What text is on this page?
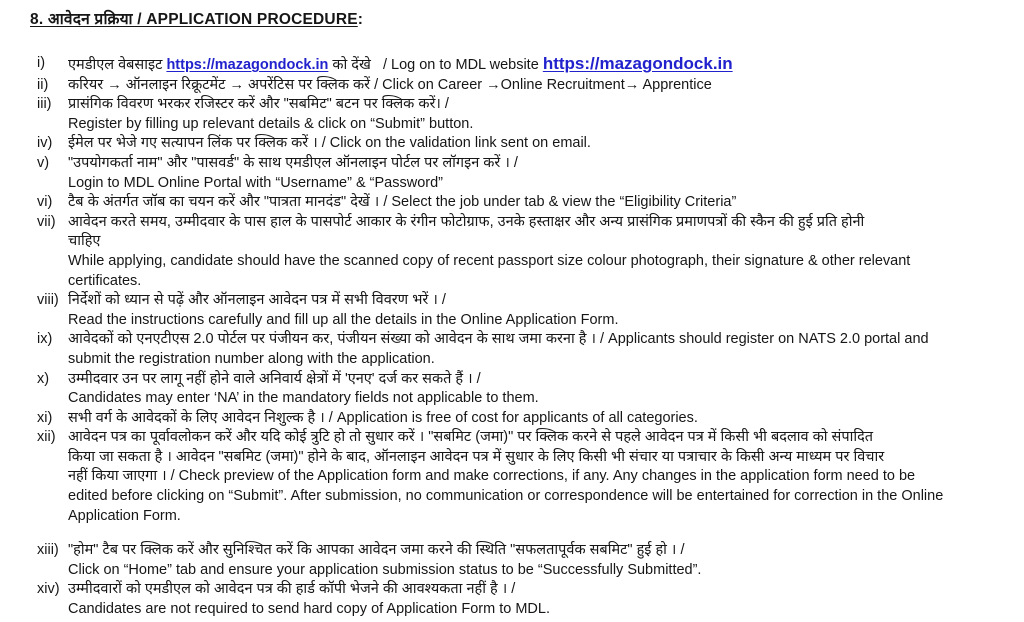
8. आवेदन प्रक्रिया / APPLICATION PROCEDURE:
i)	एमडीएल वेबसाइट https://mazagondock.in को देंखे   / Log on to MDL website https://mazagondock.in
ii)	करियर → ऑनलाइन रिक्रूटमेंट → अपरेंटिस पर क्लिक करें / Click on Career →Online Recruitment→ Apprentice
iii)	प्रासंगिक विवरण भरकर रजिस्टर करें और "सबमिट" बटन पर क्लिक करें। /
Register by filling up relevant details & click on “Submit” button.
iv)	ईमेल पर भेजे गए सत्यापन लिंक पर क्लिक करें । / Click on the validation link sent on email.
v)	"उपयोगकर्ता नाम" और "पासवर्ड" के साथ एमडीएल ऑनलाइन पोर्टल पर लॉगइन करें । /
Login to MDL Online Portal with “Username” & “Password”
vi)	टैब के अंतर्गत जॉब का चयन करें और "पात्रता मानदंड" देखें । / Select the job under tab & view the “Eligibility Criteria”
vii) आवेदन करते समय, उम्मीदवार के पास हाल के पासपोर्ट आकार के रंगीन फोटोग्राफ, उनके हस्ताक्षर और अन्य प्रासंगिक प्रमाणपत्रों की स्कैन की हुई प्रति होनी
चाहिए
While applying, candidate should have the scanned copy of recent passport size colour photograph, their signature & other relevant
certificates.
viii) निर्देशों को ध्यान से पढ़ें और ऑनलाइन आवेदन पत्र में सभी विवरण भरें । /
Read the instructions carefully and fill up all the details in the Online Application Form.
ix)	आवेदकों को एनएटीएस 2.0 पोर्टल पर पंजीयन कर, पंजीयन संख्या को आवेदन के साथ जमा करना है । / Applicants should register on NATS 2.0 portal and
submit the registration number along with the application.
x)	उम्मीदवार उन पर लागू नहीं होने वाले अनिवार्य क्षेत्रों में 'एनए' दर्ज कर सकते हैं । /
Candidates may enter ‘NA’ in the mandatory fields not applicable to them.
xi)	सभी वर्ग के आवेदकों के लिए आवेदन निशुल्क है । / Application is free of cost for applicants of all categories.
xii) आवेदन पत्र का पूर्वावलोकन करें और यदि कोई त्रुटि हो तो सुधार करें । "सबमिट (जमा)" पर क्लिक करने से पहले आवेदन पत्र में किसी भी बदलाव को संपादित
किया जा सकता है । आवेदन "सबमिट (जमा)" होने के बाद, ऑनलाइन आवेदन पत्र में सुधार के लिए किसी भी संचार या पत्राचार के किसी अन्य माध्यम पर विचार
नहीं किया जाएगा । / Check preview of the Application form and make corrections, if any. Any changes in the application form need to be
edited before clicking on “Submit”. After submission, no communication or correspondence will be entertained for correction in the Online
Application Form.
xiii) "होम" टैब पर क्लिक करें और सुनिश्चित करें कि आपका आवेदन जमा करने की स्थिति "सफलतापूर्वक सबमिट" हुई हो । /
Click on “Home” tab and ensure your application submission status to be “Successfully Submitted”.
xiv) उम्मीदवारों को एमडीएल को आवेदन पत्र की हार्ड कॉपी भेजने की आवश्यकता नहीं है । /
Candidates are not required to send hard copy of Application Form to MDL.
